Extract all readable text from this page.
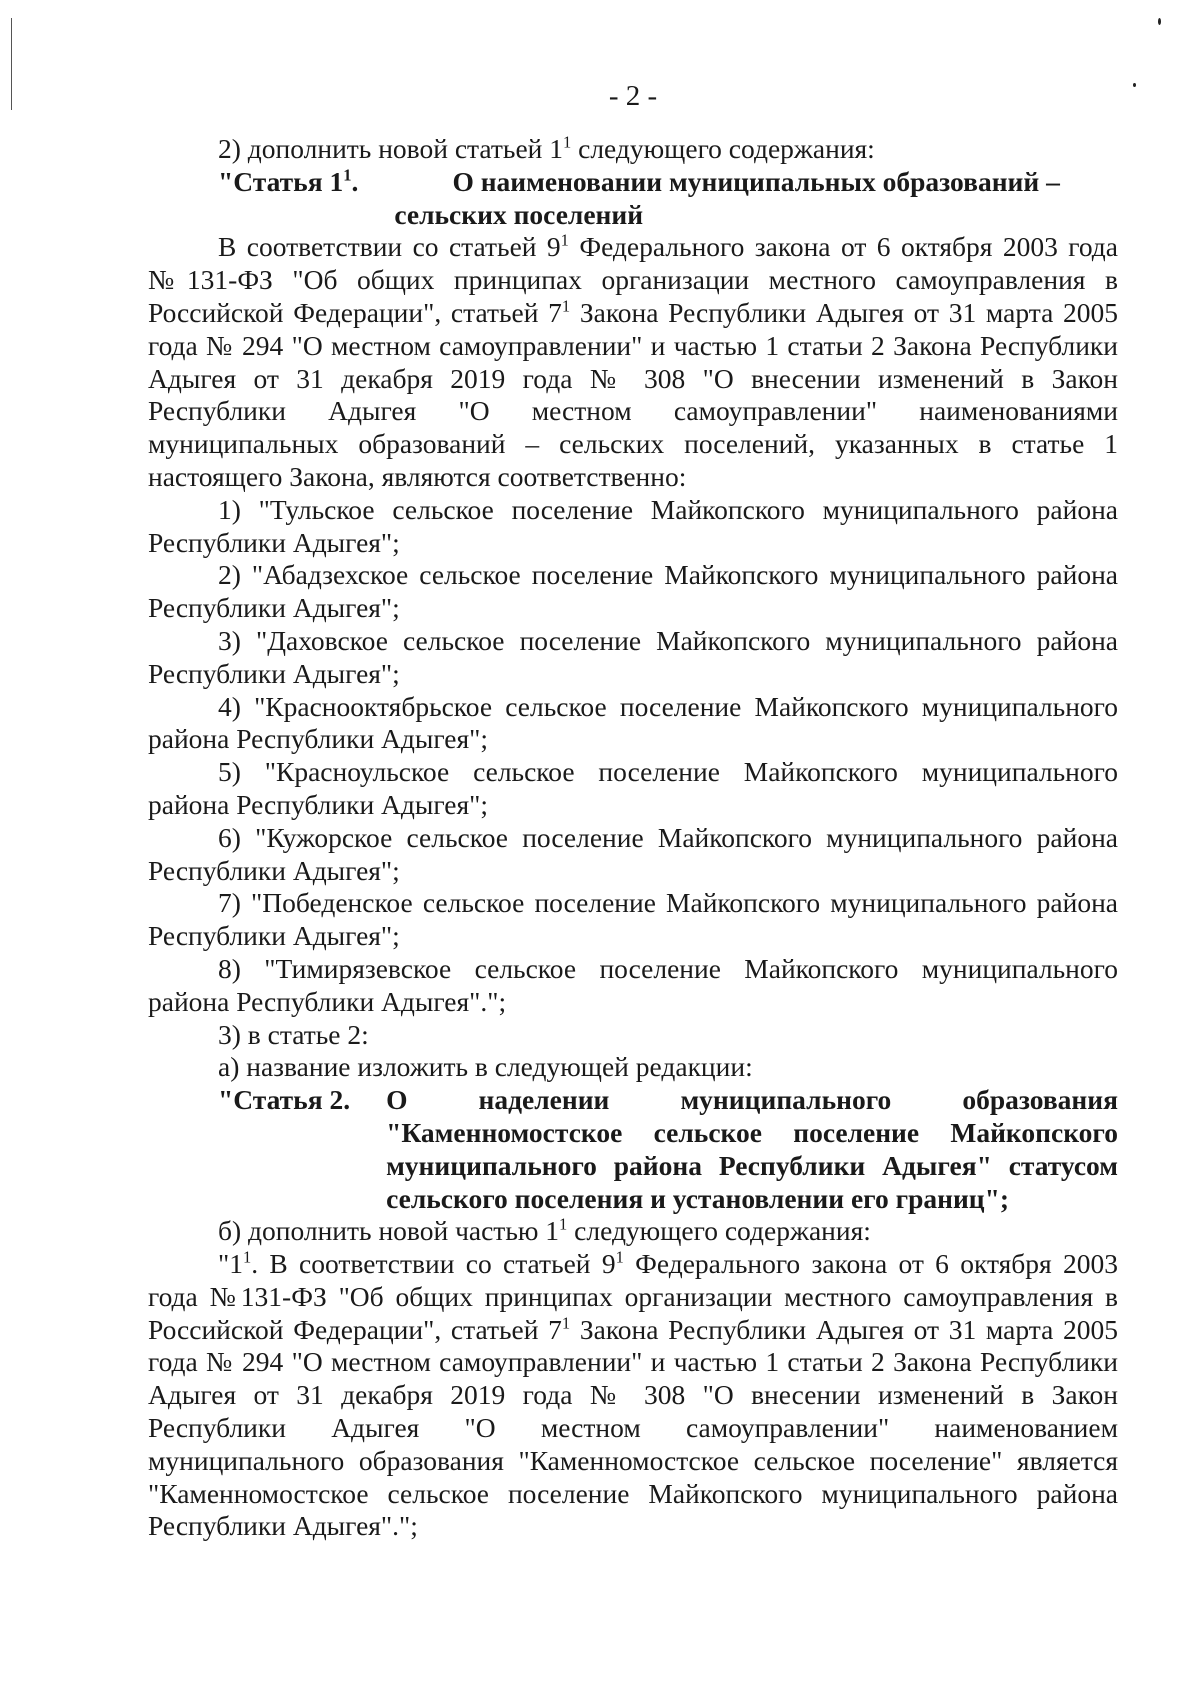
- 2 -

2) дополнить новой статьей $1^1$ следующего содержания:

"Статья $1^1$.	О наименовании муниципальных образований – сельских поселений

В соответствии со статьей $9^1$ Федерального закона от 6 октября 2003 года №131-ФЗ "Об общих принципах организации местного самоуправления в Российской Федерации", статьей $7^1$ Закона Республики Адыгея от 31 марта 2005 года № 294 "О местном самоуправлении" и частью 1 статьи 2 Закона Республики Адыгея от 31 декабря 2019 года № 308 "О внесении изменений в Закон Республики Адыгея "О местном самоуправлении" наименованиями муниципальных образований – сельских поселений, указанных в статье 1 настоящего Закона, являются соответственно:

1) "Тульское сельское поселение Майкопского муниципального района Республики Адыгея";

2) "Абадзехское сельское поселение Майкопского муниципального района Республики Адыгея";

3) "Даховское сельское поселение Майкопского муниципального района Республики Адыгея";

4) "Краснооктябрьское сельское поселение Майкопского муниципального района Республики Адыгея";

5) "Красноульское сельское поселение Майкопского муниципального района Республики Адыгея";

6) "Кужорское сельское поселение Майкопского муниципального района Республики Адыгея";

7) "Победенское сельское поселение Майкопского муниципального района Республики Адыгея";

8) "Тимирязевское сельское поселение Майкопского муниципального района Республики Адыгея".";

3) в статье 2:

а) название изложить в следующей редакции:

"Статья 2.	О наделении муниципального образования "Каменномостское сельское поселение Майкопского муниципального района Республики Адыгея" статусом сельского поселения и установлении его границ";

б) дополнить новой частью $1^1$ следующего содержания:

"$1^1$. В соответствии со статьей $9^1$ Федерального закона от 6 октября 2003 года №131-ФЗ "Об общих принципах организации местного самоуправления в Российской Федерации", статьей $7^1$ Закона Республики Адыгея от 31 марта 2005 года № 294 "О местном самоуправлении" и частью 1 статьи 2 Закона Республики Адыгея от 31 декабря 2019 года № 308 "О внесении изменений в Закон Республики Адыгея "О местном самоуправлении" наименованием муниципального образования "Каменномостское сельское поселение" является "Каменномостское сельское поселение Майкопского муниципального района Республики Адыгея".";
